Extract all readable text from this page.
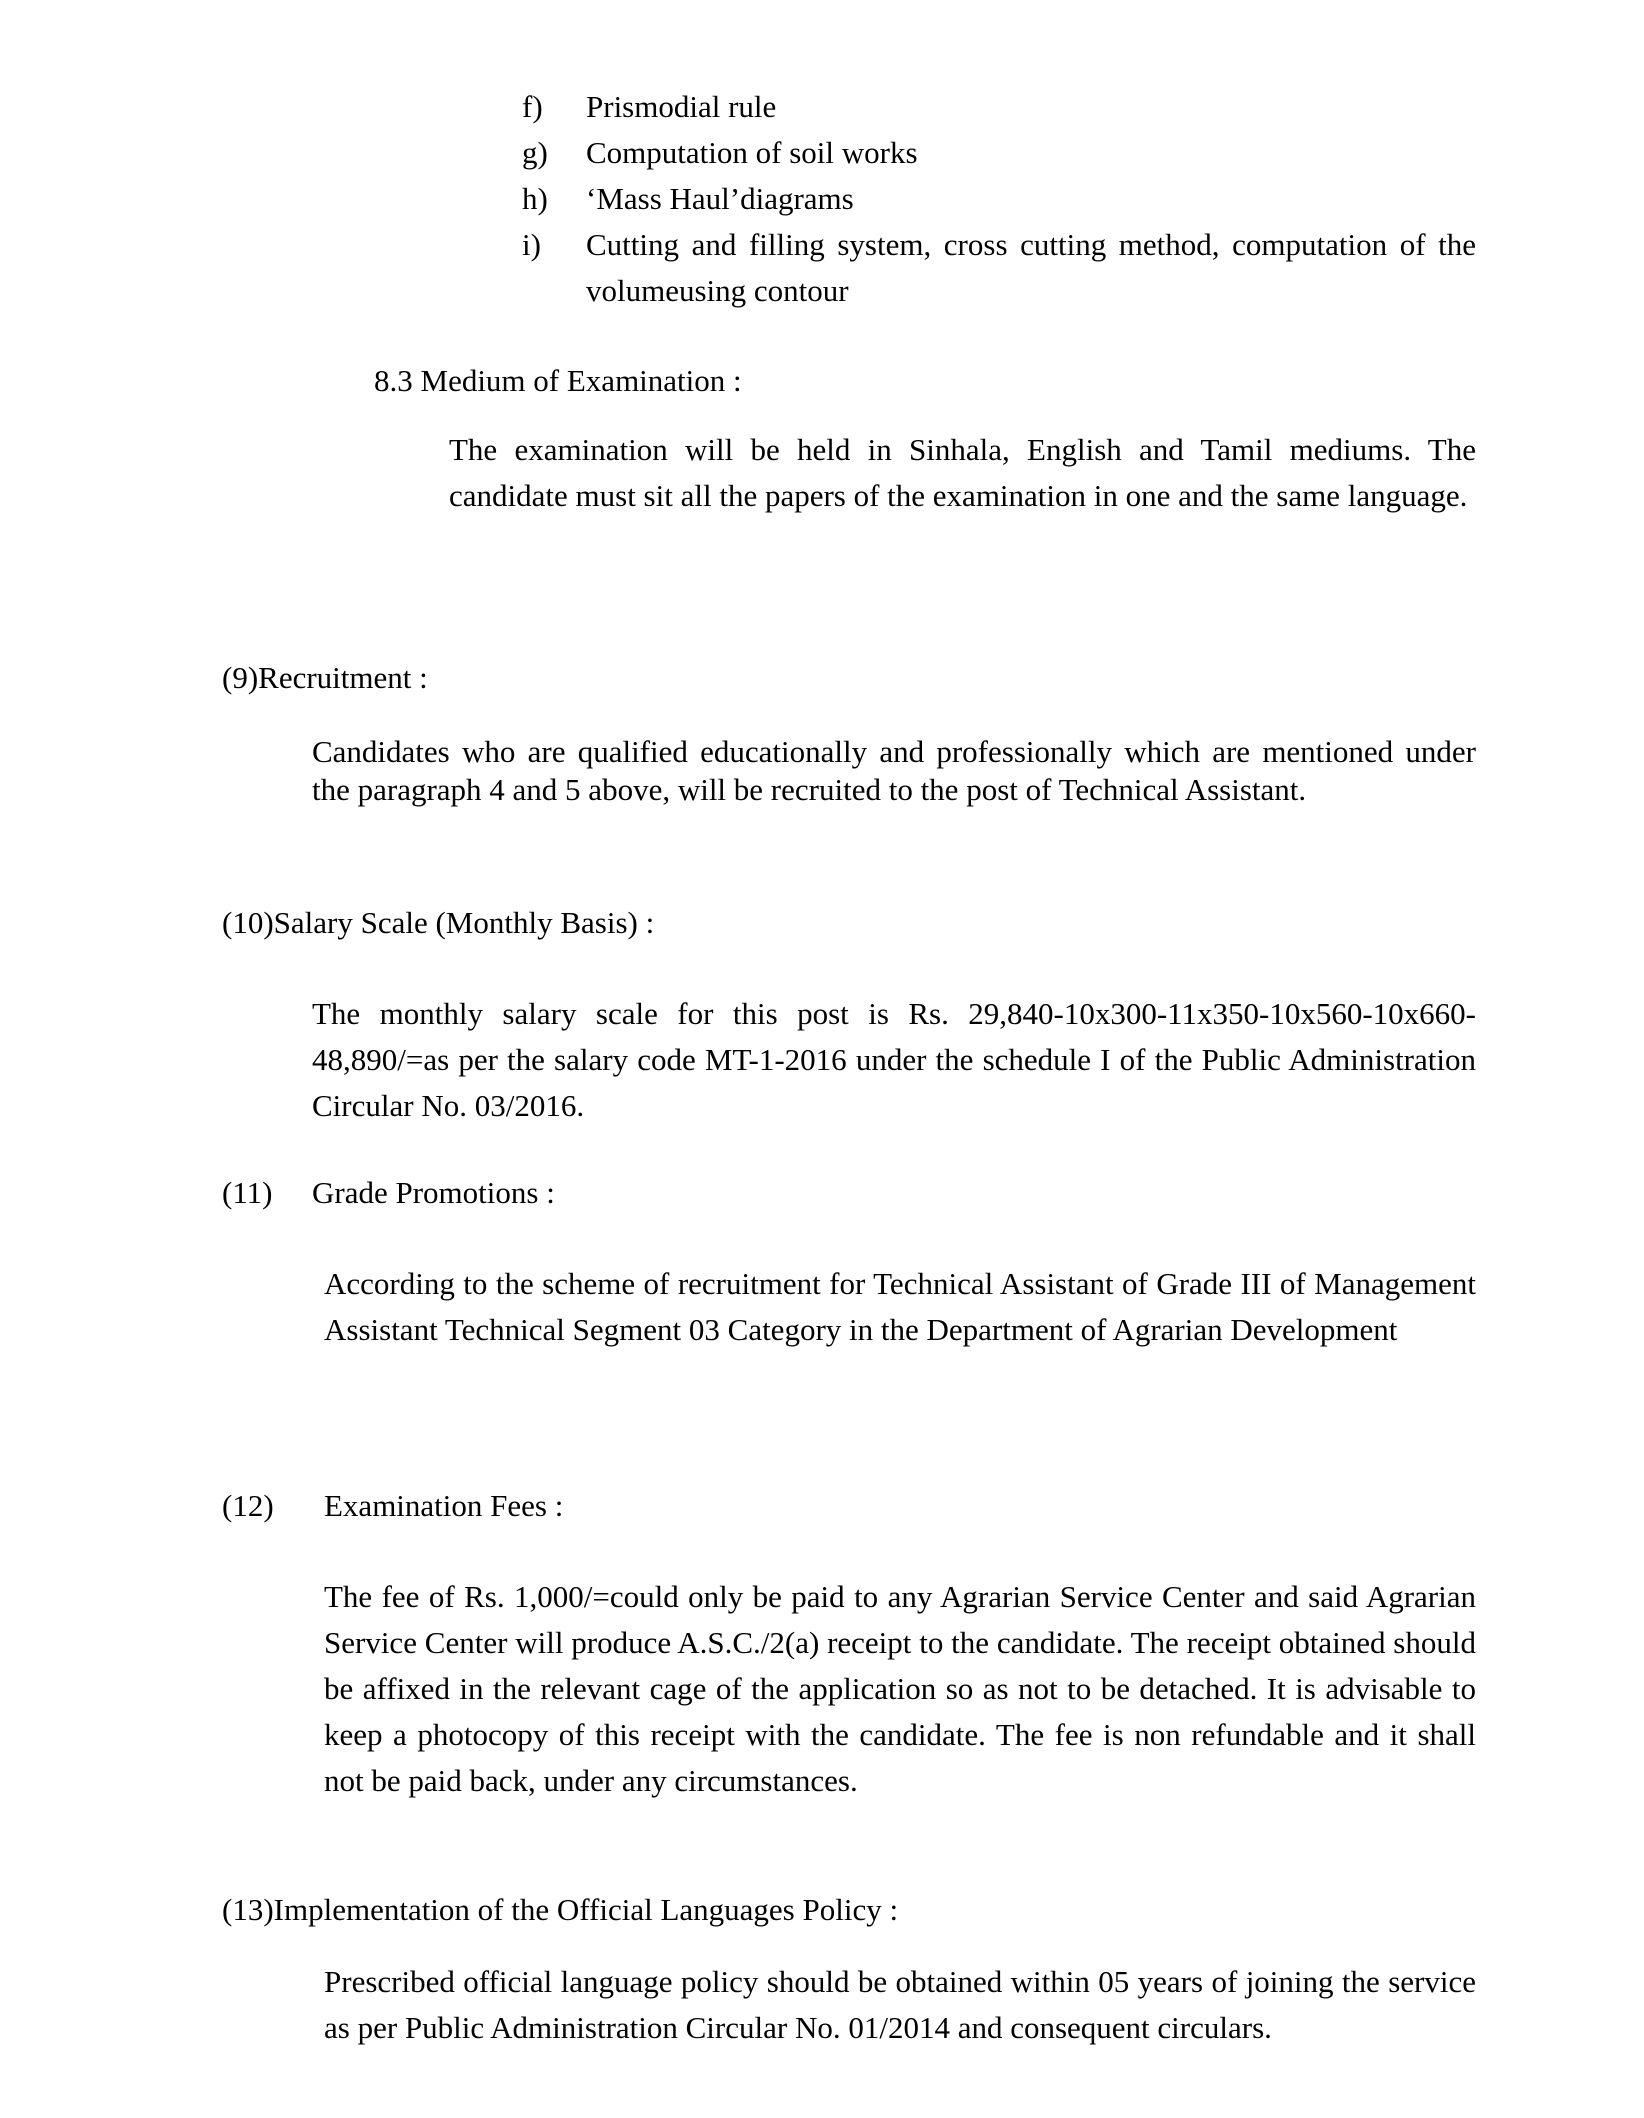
f)	Prismodial rule
g)	Computation of soil works
h)	‘Mass Haul’diagrams
i)	Cutting and filling system, cross cutting method, computation of the volumeusing contour
8.3 Medium of Examination :
The examination will be held in Sinhala, English and Tamil mediums. The candidate must sit all the papers of the examination in one and the same language.
(9)Recruitment :
Candidates who are qualified educationally and professionally which are mentioned under the paragraph 4 and 5 above, will be recruited to the post of Technical Assistant.
(10)Salary Scale (Monthly Basis) :
The monthly salary scale for this post is Rs. 29,840-10x300-11x350-10x560-10x660-48,890/=as per the salary code MT-1-2016 under the schedule I of the Public Administration Circular No. 03/2016.
(11) Grade Promotions :
According to the scheme of recruitment for Technical Assistant of Grade III of Management Assistant Technical Segment 03 Category in the Department of Agrarian Development
(12) Examination Fees :
The fee of Rs. 1,000/=could only be paid to any Agrarian Service Center and said Agrarian Service Center will produce A.S.C./2(a) receipt to the candidate. The receipt obtained should be affixed in the relevant cage of the application so as not to be detached. It is advisable to keep a photocopy of this receipt with the candidate. The fee is non refundable and it shall not be paid back, under any circumstances.
(13)Implementation of the Official Languages Policy :
Prescribed official language policy should be obtained within 05 years of joining the service as per Public Administration Circular No. 01/2014 and consequent circulars.
